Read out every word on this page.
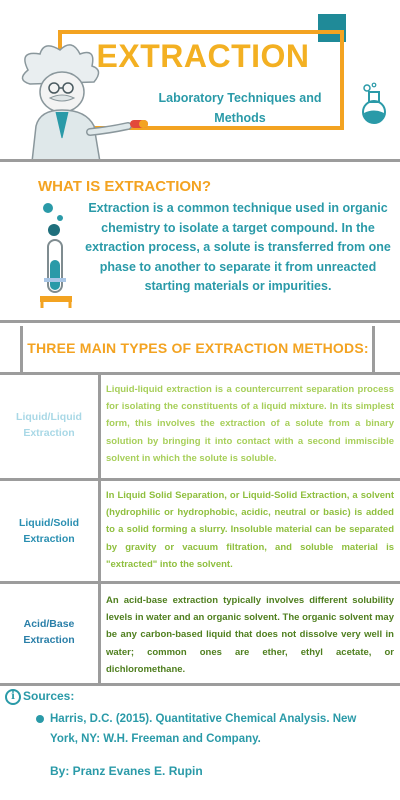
EXTRACTION
Laboratory Techniques and Methods
WHAT IS EXTRACTION?
Extraction is a common technique used in organic chemistry to isolate a target compound. In the extraction process, a solute is transferred from one phase to another to separate it from unreacted starting materials or impurities.
THREE MAIN TYPES OF EXTRACTION METHODS:
Liquid/Liquid Extraction
Liquid-liquid extraction is a countercurrent separation process for isolating the constituents of a liquid mixture. In its simplest form, this involves the extraction of a solute from a binary solution by bringing it into contact with a second immiscible solvent in which the solute is soluble.
Liquid/Solid Extraction
In Liquid Solid Separation, or Liquid-Solid Extraction, a solvent (hydrophilic or hydrophobic, acidic, neutral or basic) is added to a solid forming a slurry. Insoluble material can be separated by gravity or vacuum filtration, and soluble material is "extracted" into the solvent.
Acid/Base Extraction
An acid-base extraction typically involves different solubility levels in water and an organic solvent. The organic solvent may be any carbon-based liquid that does not dissolve very well in water; common ones are ether, ethyl acetate, or dichloromethane.
i Sources:
Harris, D.C. (2015). Quantitative Chemical Analysis. New York, NY: W.H. Freeman and Company.
By: Pranz Evanes E. Rupin
